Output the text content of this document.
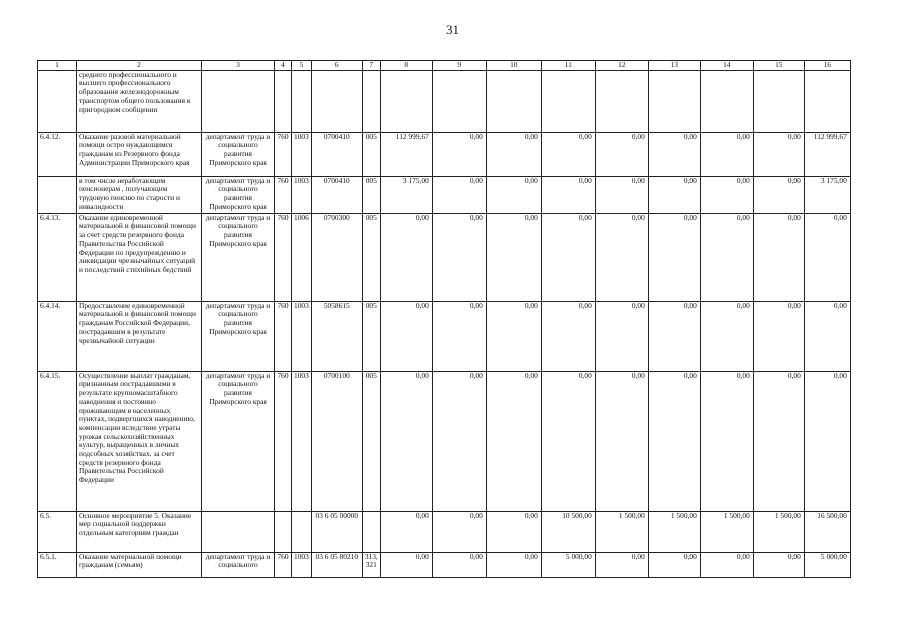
31
1	2	3	4	5	6	7	8	9	10	11	12	13	14	15	16
	среднего профессионального и высшего профессионального образования железнодорожным транспортом общего пользования в пригородном сообщении														
6.4.12.	Оказание разовой материальной помощи остро нуждающимся гражданам из Резервного фонда Администрации Приморского края	департамент труда и социального развития Приморского края	760	1003	0700410	005	112 999,67	0,00	0,00	0,00	0,00	0,00	0,00	0,00	112 999,67
	в том числе неработающим пенсионерам , получающим трудовую пенсию по старости и инвалидности	департамент труда и социального развития Приморского края	760	1003	0700410	005	3 175,00	0,00	0,00	0,00	0,00	0,00	0,00	0,00	3 175,00
6.4.13.	Оказание единовременной материальной и финансовой помощи за счет средств резервного фонда Правительства Российской Федерации по предупреждению и ликвидации чрезвычайных ситуаций и последствий стихийных бедствий	департамент труда и социального развития Приморского края	760	1006	0700300	005	0,00	0,00	0,00	0,00	0,00	0,00	0,00	0,00	0,00
6.4.14.	Предоставление единовременной материальной и финансовой помощи гражданам Российской Федерации, пострадавшим в результате чрезвычайной ситуации	департамент труда и социального развития Приморского края	760	1003	5058615	005	0,00	0,00	0,00	0,00	0,00	0,00	0,00	0,00	0,00
6.4.15.	Осуществление выплат гражданам, признанным пострадавшими в результате крупномасштабного наводнения и постоянно проживающим в населенных пунктах, подвергшихся наводнению, компенсации вследствие утраты урожая сельскохозяйственных культур, выращенных в личных подсобных хозяйствах, за счет средств резервного фонда Правительства Российской Федерации	департамент труда и социального развития Приморского края	760	1003	0700100	005	0,00	0,00	0,00	0,00	0,00	0,00	0,00	0,00	0,00
6.5.	Основное мероприятие 5. Оказание мер социальной поддержки отдельным категориям граждан				03 6 05 00000		0,00	0,00	0,00	10 500,00	1 500,00	1 500,00	1 500,00	1 500,00	16 500,00
6.5.1.	Оказание материальной помощи гражданам (семьям)	департамент труда и социального	760	1003	03 6 05 80210	313, 321	0,00	0,00	0,00	5 000,00	0,00	0,00	0,00	0,00	5 000,00
